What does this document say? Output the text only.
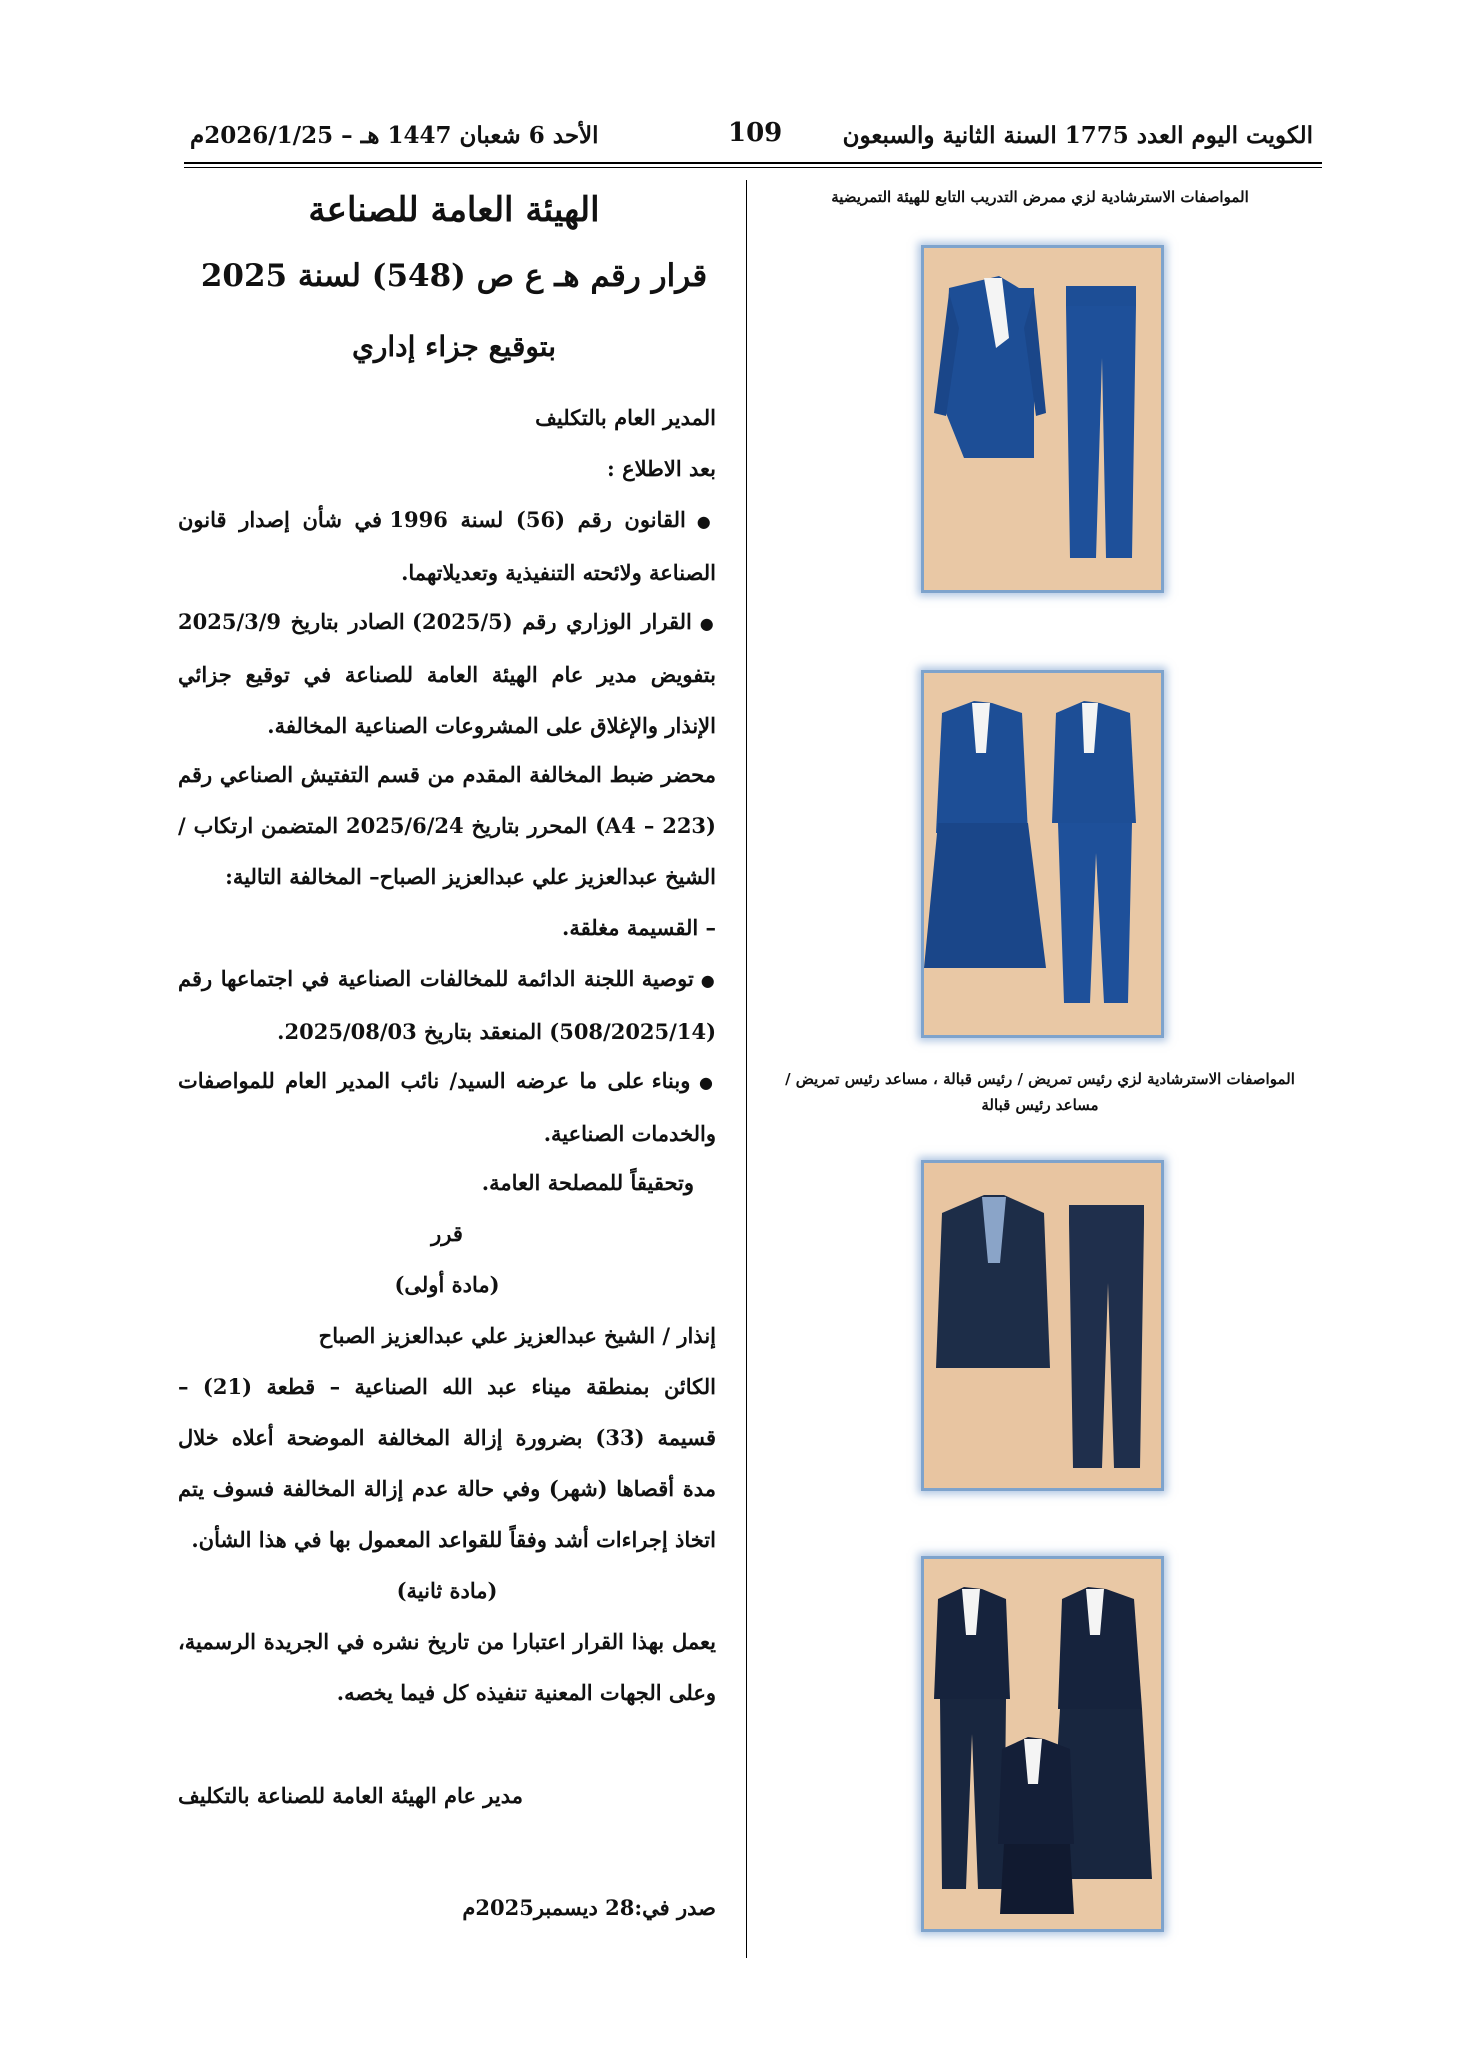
الكويت اليوم العدد 1775 السنة الثانية والسبعون
109
الأحد 6 شعبان 1447 هـ – 2026/1/25م
المواصفات الاسترشادية لزي ممرض التدريب التابع للهيئة التمريضية
المواصفات الاسترشادية لزي رئيس تمريض / رئيس قبالة ، مساعد رئيس تمريض /
مساعد رئيس قبالة
الهيئة العامة للصناعة
قرار رقم هـ ع ص (548) لسنة 2025
بتوقيع جزاء إداري
المدير العام بالتكليف
بعد الاطلاع :
● القانون رقم (56) لسنة 1996 في شأن إصدار قانون الصناعة ولائحته التنفيذية وتعديلاتهما.
● القرار الوزاري رقم (2025/5) الصادر بتاريخ 2025/3/9 بتفويض مدير عام الهيئة العامة للصناعة في توقيع جزائي الإنذار والإغلاق على المشروعات الصناعية المخالفة.
محضر ضبط المخالفة المقدم من قسم التفتيش الصناعي رقم (A4 – 223) المحرر بتاريخ 2025/6/24 المتضمن ارتكاب / الشيخ عبدالعزيز علي عبدالعزيز الصباح– المخالفة التالية:
– القسيمة مغلقة.
● توصية اللجنة الدائمة للمخالفات الصناعية في اجتماعها رقم (508/2025/14) المنعقد بتاريخ 2025/08/03.
● وبناء على ما عرضه السيد/ نائب المدير العام للمواصفات والخدمات الصناعية.
وتحقيقاً للمصلحة العامة.
قرر
(مادة أولى)
إنذار / الشيخ عبدالعزيز علي عبدالعزيز الصباح
الكائن بمنطقة ميناء عبد الله الصناعية – قطعة (21) – قسيمة (33) بضرورة إزالة المخالفة الموضحة أعلاه خلال مدة أقصاها (شهر) وفي حالة عدم إزالة المخالفة فسوف يتم اتخاذ إجراءات أشد وفقاً للقواعد المعمول بها في هذا الشأن.
(مادة ثانية)
يعمل بهذا القرار اعتبارا من تاريخ نشره في الجريدة الرسمية، وعلى الجهات المعنية تنفيذه كل فيما يخصه.
مدير عام الهيئة العامة للصناعة بالتكليف
صدر في:28 ديسمبر2025م
